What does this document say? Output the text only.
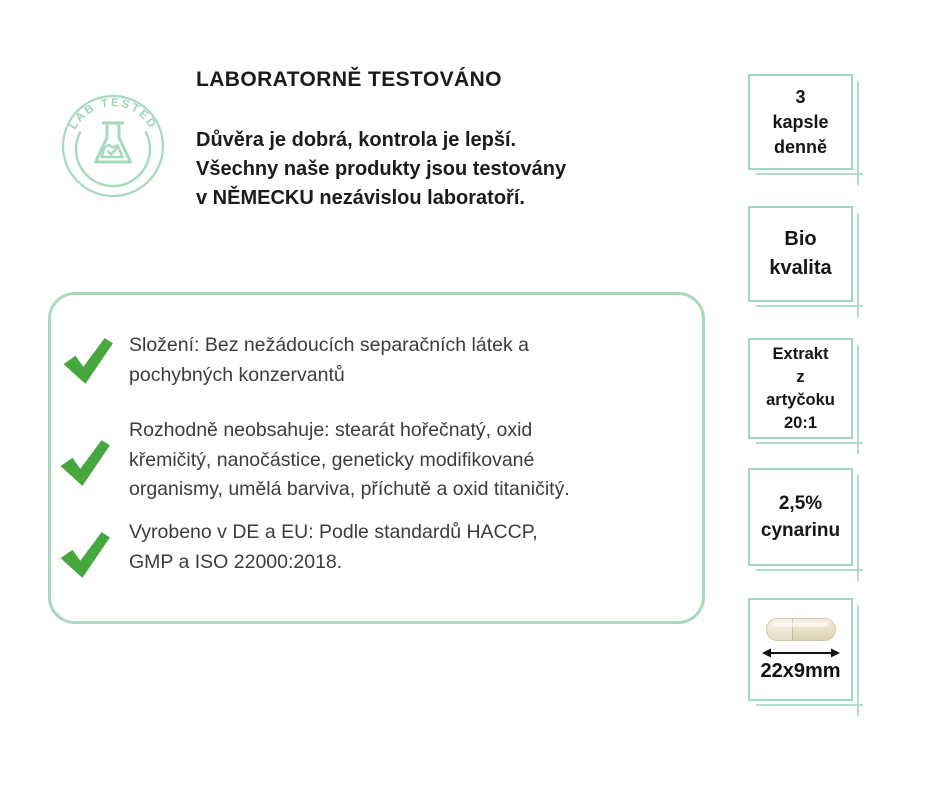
LAB TESTED
LABORATORNĚ TESTOVÁNO
Důvěra je dobrá, kontrola je lepší.
Všechny naše produkty jsou testovány
v NĚMECKU nezávislou laboratoří.
Složení: Bez nežádoucích separačních látek a
pochybných konzervantů
Rozhodně neobsahuje: stearát hořečnatý, oxid
křemičitý, nanočástice, geneticky modifikované
organismy, umělá barviva, příchutě a oxid titaničitý.
Vyrobeno v DE a EU: Podle standardů HACCP,
GMP a ISO 22000:2018.
3
kapsle
denně
Bio
kvalita
Extrakt
z
artyčoku
20:1
2,5%
cynarinu
22x9mm
